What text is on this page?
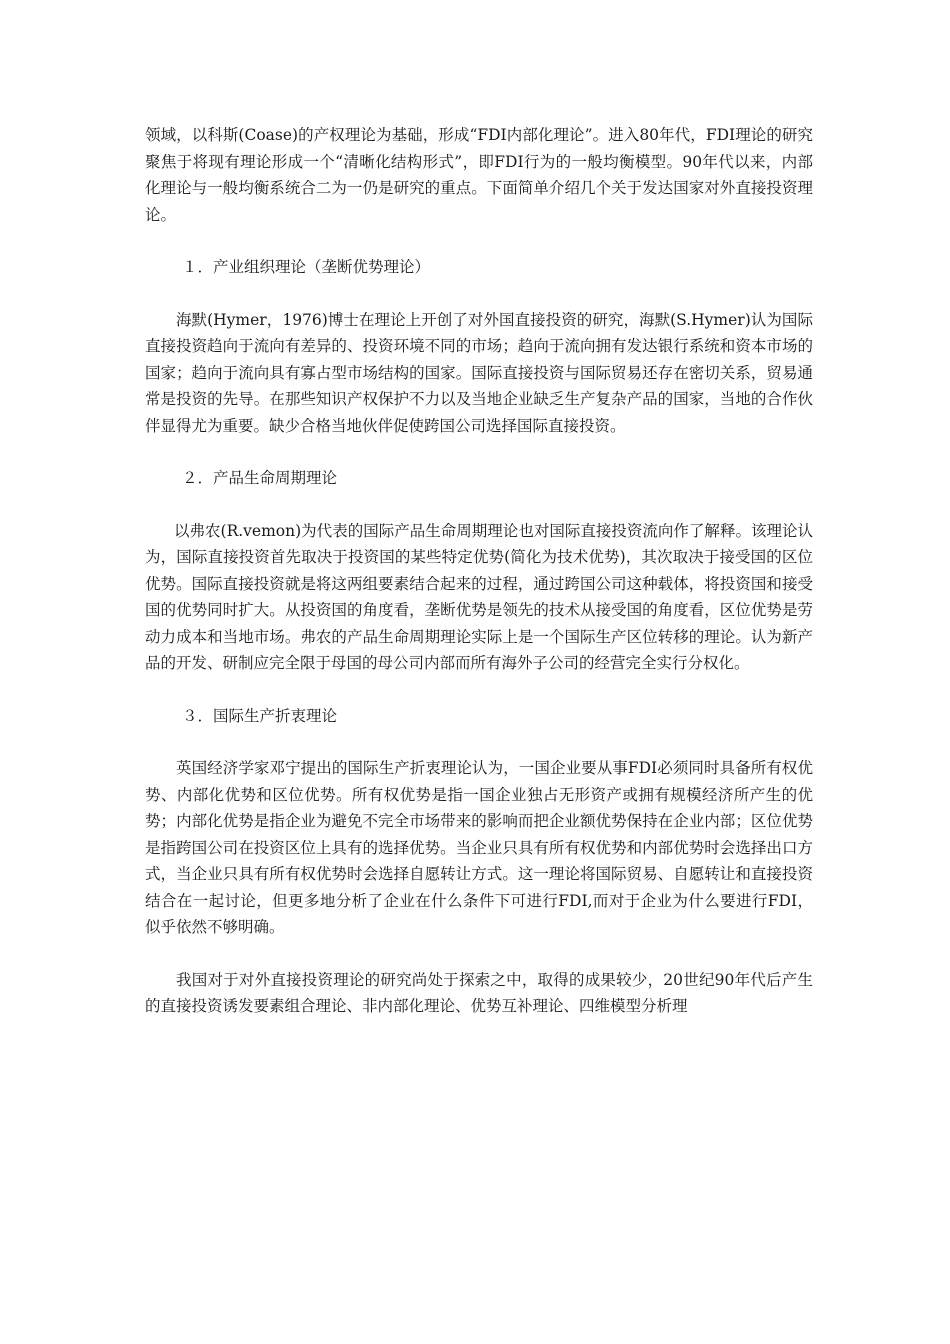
领域，以科斯(Coase)的产权理论为基础，形成“FDI内部化理论”。进入80年代，FDI理论的研究聚焦于将现有理论形成一个“清晰化结构形式”，即FDI行为的一般均衡模型。90年代以来，内部化理论与一般均衡系统合二为一仍是研究的重点。下面简单介绍几个关于发达国家对外直接投资理论。

１．产业组织理论（垄断优势理论）

海默(Hymer，1976)博士在理论上开创了对外国直接投资的研究，海默(S.Hymer)认为国际直接投资趋向于流向有差异的、投资环境不同的市场；趋向于流向拥有发达银行系统和资本市场的国家；趋向于流向具有寡占型市场结构的国家。国际直接投资与国际贸易还存在密切关系，贸易通常是投资的先导。在那些知识产权保护不力以及当地企业缺乏生产复杂产品的国家，当地的合作伙伴显得尤为重要。缺少合格当地伙伴促使跨国公司选择国际直接投资。

２．产品生命周期理论

以弗农(R.vemon)为代表的国际产品生命周期理论也对国际直接投资流向作了解释。该理论认为，国际直接投资首先取决于投资国的某些特定优势(简化为技术优势)，其次取决于接受国的区位优势。国际直接投资就是将这两组要素结合起来的过程，通过跨国公司这种载体，将投资国和接受国的优势同时扩大。从投资国的角度看，垄断优势是领先的技术从接受国的角度看，区位优势是劳动力成本和当地市场。弗农的产品生命周期理论实际上是一个国际生产区位转移的理论。认为新产品的开发、研制应完全限于母国的母公司内部而所有海外子公司的经营完全实行分权化。

３．国际生产折衷理论

英国经济学家邓宁提出的国际生产折衷理论认为，一国企业要从事FDI必须同时具备所有权优势、内部化优势和区位优势。所有权优势是指一国企业独占无形资产或拥有规模经济所产生的优势；内部化优势是指企业为避免不完全市场带来的影响而把企业额优势保持在企业内部；区位优势是指跨国公司在投资区位上具有的选择优势。当企业只具有所有权优势和内部优势时会选择出口方式，当企业只具有所有权优势时会选择自愿转让方式。这一理论将国际贸易、自愿转让和直接投资结合在一起讨论，但更多地分析了企业在什么条件下可进行FDI,而对于企业为什么要进行FDI，似乎依然不够明确。

我国对于对外直接投资理论的研究尚处于探索之中，取得的成果较少，20世纪90年代后产生的直接投资诱发要素组合理论、非内部化理论、优势互补理论、四维模型分析理
